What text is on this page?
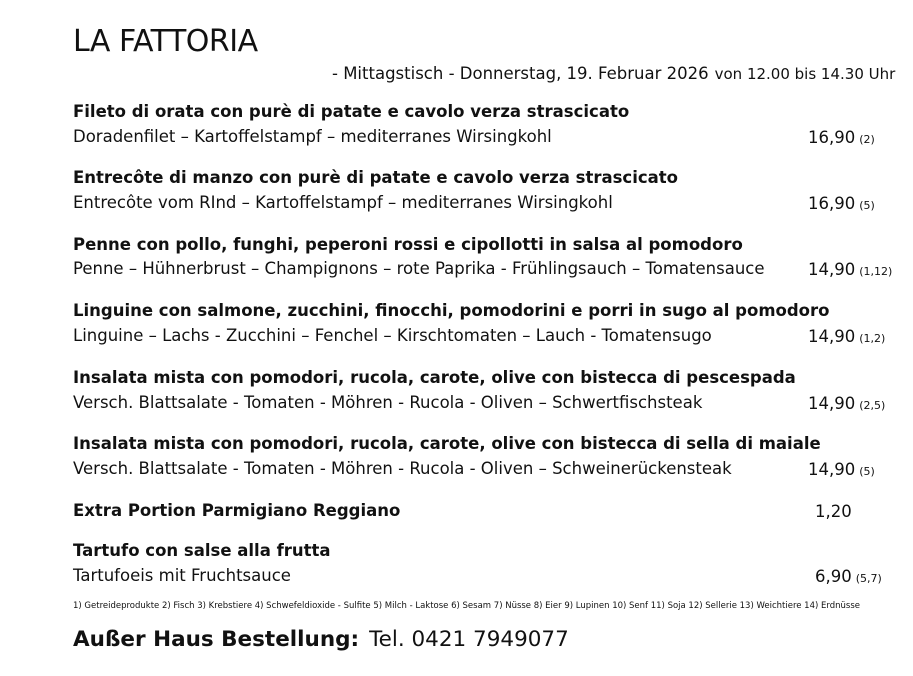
LA FATTORIA
- Mittagstisch - Donnerstag, 19. Februar 2026 von 12.00 bis 14.30 Uhr
Fileto di orata con purè di patate e cavolo verza strascicato
Doradenfilet – Kartoffelstampf – mediterranes Wirsingkohl	16,90 (2)
Entrecôte di manzo con purè di patate e cavolo verza strascicato
Entrecôte vom RInd – Kartoffelstampf – mediterranes Wirsingkohl	16,90 (5)
Penne con pollo, funghi, peperoni rossi e cipollotti in salsa al pomodoro
Penne – Hühnerbrust – Champignons – rote Paprika - Frühlingsauch – Tomatensauce	14,90 (1,12)
Linguine con salmone, zucchini, finocchi, pomodorini e porri in sugo al pomodoro
Linguine – Lachs - Zucchini – Fenchel – Kirschtomaten – Lauch - Tomatensugo	14,90 (1,2)
Insalata mista con pomodori, rucola, carote, olive con bistecca di pescespada
Versch. Blattsalate - Tomaten - Möhren - Rucola - Oliven – Schwertfischsteak	14,90 (2,5)
Insalata mista con pomodori, rucola, carote, olive con bistecca di sella di maiale
Versch. Blattsalate - Tomaten - Möhren - Rucola - Oliven – Schweinerückensteak	14,90 (5)
Extra Portion Parmigiano Reggiano	1,20
Tartufo con salse alla frutta
Tartufoeis mit Fruchtsauce	6,90 (5,7)
1) Getreideprodukte 2) Fisch 3) Krebstiere 4) Schwefeldioxide - Sulfite 5) Milch - Laktose 6) Sesam 7) Nüsse 8) Eier 9) Lupinen 10) Senf 11) Soja 12) Sellerie 13) Weichtiere 14) Erdnüsse
Außer Haus Bestellung: Tel. 0421 7949077
